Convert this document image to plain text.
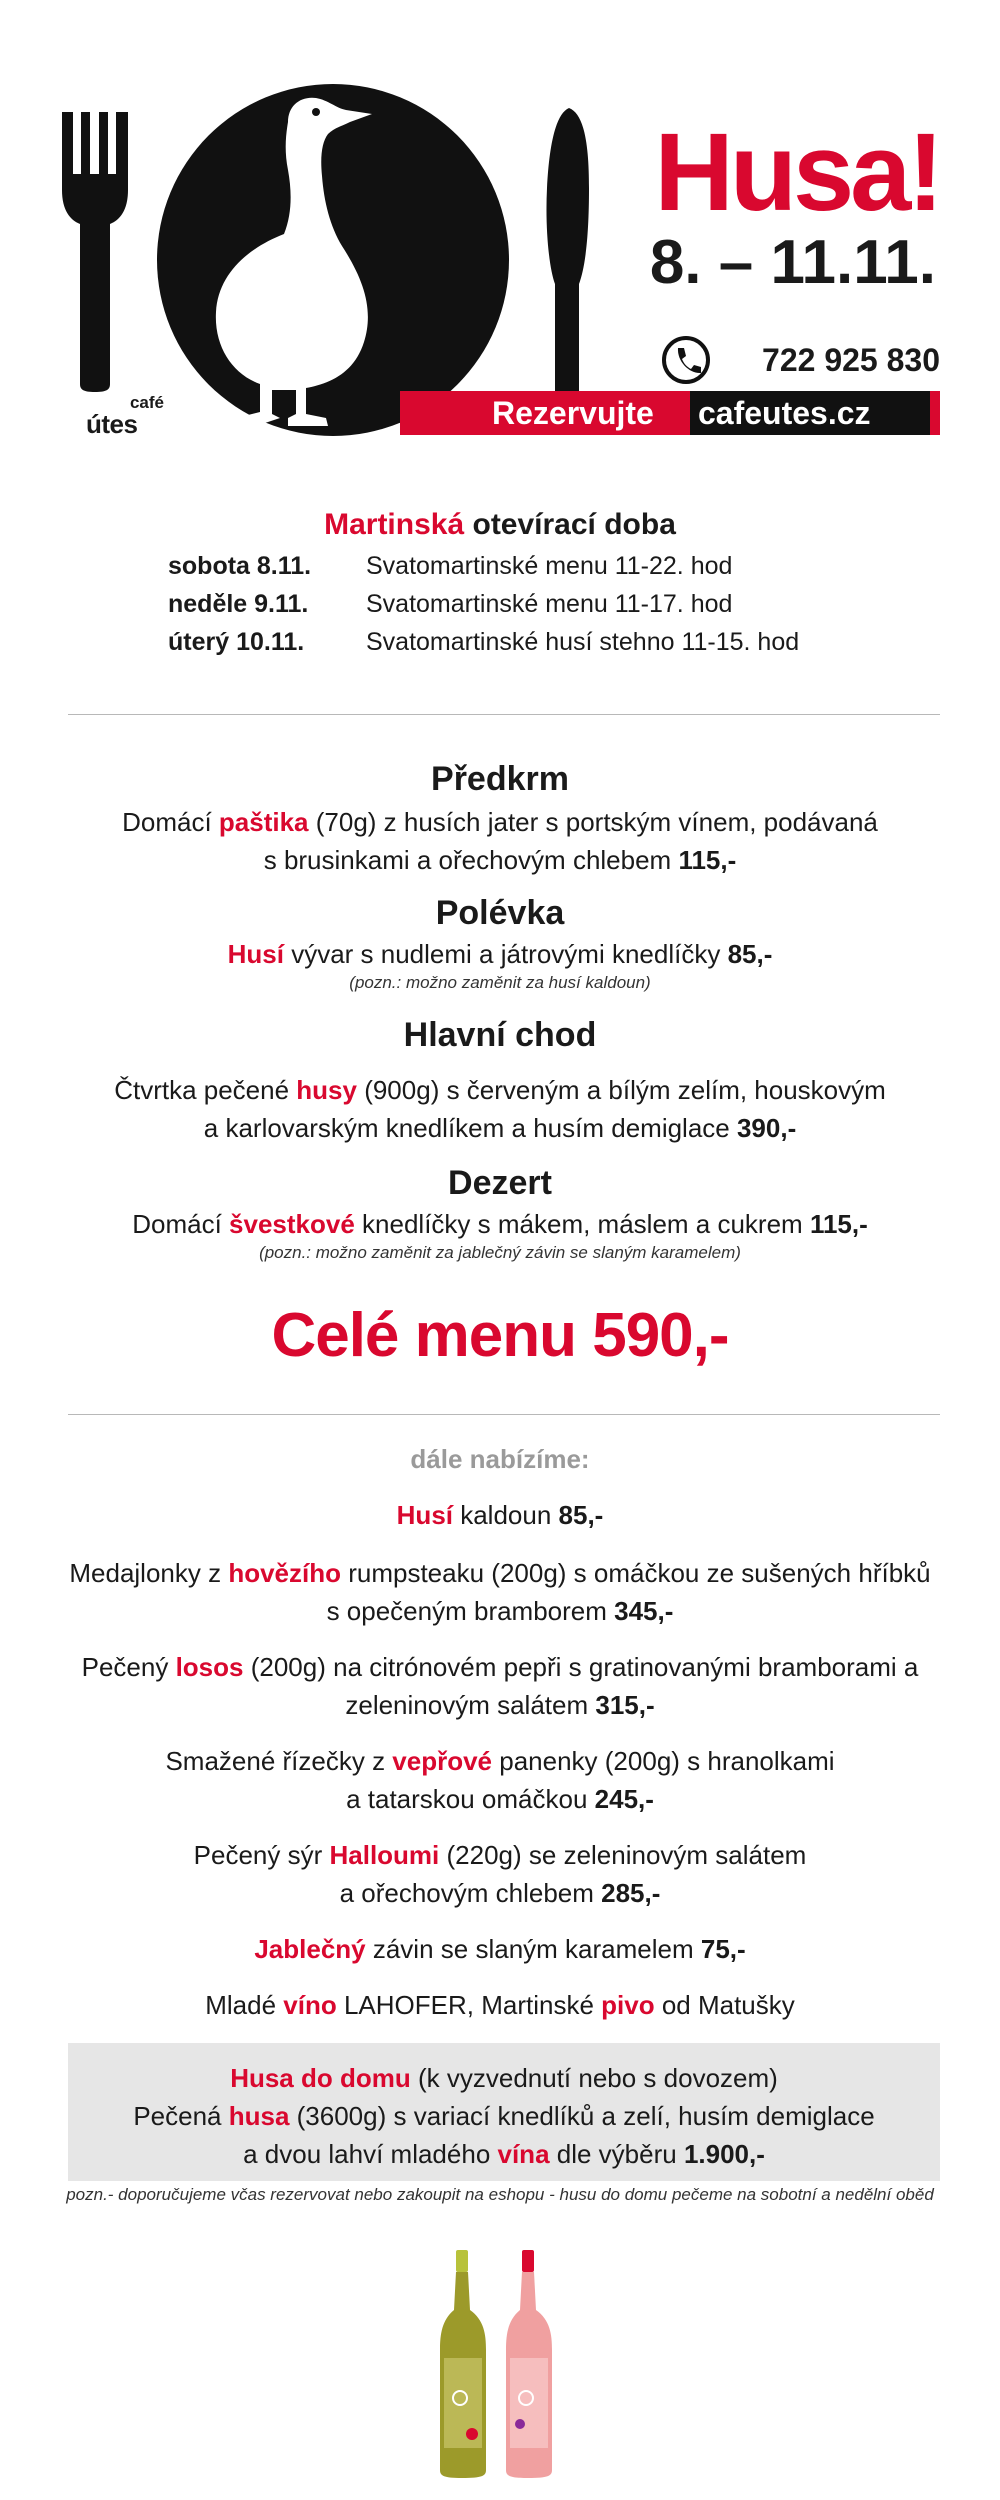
café
útes
Husa!
8. – 11.11.
722 925 830
Rezervujte cafeutes.cz
Martinská otevírací doba
sobota 8.11. Svatomartinské menu 11-22. hod
neděle 9.11. Svatomartinské menu 11-17. hod
úterý 10.11. Svatomartinské husí stehno 11-15. hod
Předkrm
Domácí paštika (70g) z husích jater s portským vínem, podávaná
s brusinkami a ořechovým chlebem 115,-
Polévka
Husí vývar s nudlemi a játrovými knedlíčky 85,-
(pozn.: možno zaměnit za husí kaldoun)
Hlavní chod
Čtvrtka pečené husy (900g) s červeným a bílým zelím, houskovým
a karlovarským knedlíkem a husím demiglace 390,-
Dezert
Domácí švestkové knedlíčky s mákem, máslem a cukrem 115,-
(pozn.: možno zaměnit za jablečný závin se slaným karamelem)
Celé menu 590,-
dále nabízíme:
Husí kaldoun 85,-
Medajlonky z hovězího rumpsteaku (200g) s omáčkou ze sušených hříbků
s opečeným bramborem 345,-
Pečený losos (200g) na citrónovém pepři s gratinovanými bramborami a
zeleninovým salátem 315,-
Smažené řízečky z vepřové panenky (200g) s hranolkami
a tatarskou omáčkou 245,-
Pečený sýr Halloumi (220g) se zeleninovým salátem
a ořechovým chlebem 285,-
Jablečný závin se slaným karamelem 75,-
Mladé víno LAHOFER, Martinské pivo od Matušky
Husa do domu (k vyzvednutí nebo s dovozem)
Pečená husa (3600g) s variací knedlíků a zelí, husím demiglace
a dvou lahví mladého vína dle výběru 1.900,-
pozn.- doporučujeme včas rezervovat nebo zakoupit na eshopu - husu do domu pečeme na sobotní a nedělní oběd
